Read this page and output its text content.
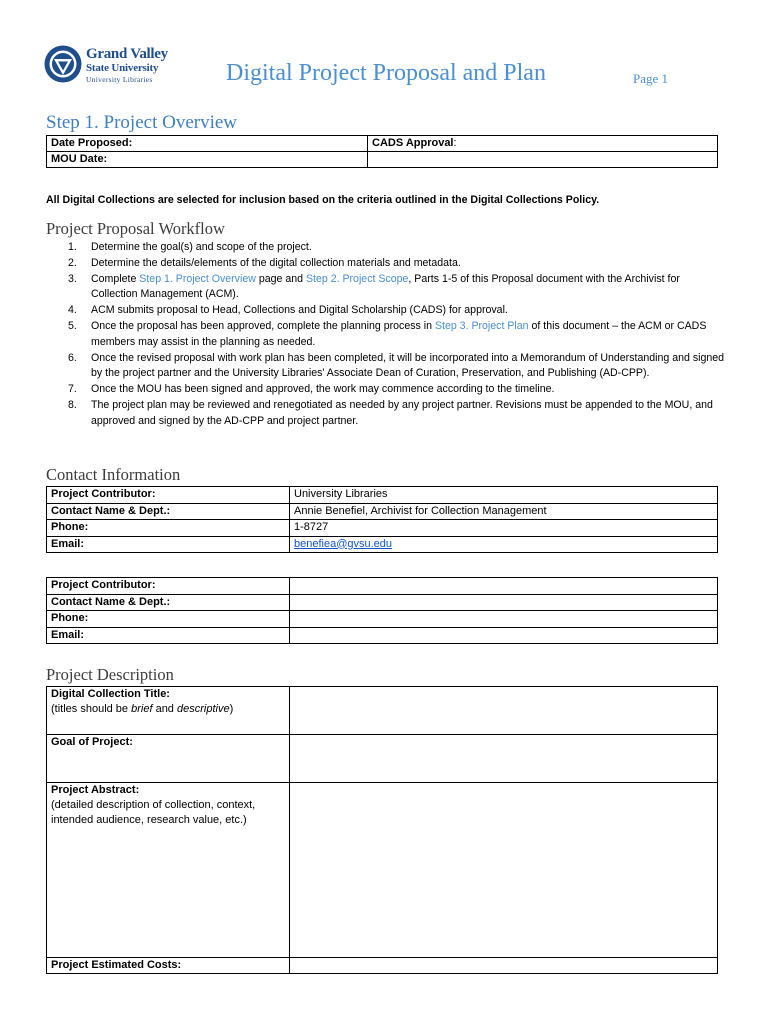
Grand Valley
State University
University Libraries	Digital Project Proposal and Plan	Page 1
Step 1. Project Overview
Date Proposed:	CADS Approval:
MOU Date:	
All Digital Collections are selected for inclusion based on the criteria outlined in the Digital Collections Policy.
Project Proposal Workflow
1. Determine the goal(s) and scope of the project.
2. Determine the details/elements of the digital collection materials and metadata.
3. Complete Step 1. Project Overview page and Step 2. Project Scope, Parts 1-5 of this Proposal document with the Archivist for Collection Management (ACM).
4. ACM submits proposal to Head, Collections and Digital Scholarship (CADS) for approval.
5. Once the proposal has been approved, complete the planning process in Step 3. Project Plan of this document – the ACM or CADS members may assist in the planning as needed.
6. Once the revised proposal with work plan has been completed, it will be incorporated into a Memorandum of Understanding and signed by the project partner and the University Libraries' Associate Dean of Curation, Preservation, and Publishing (AD-CPP).
7. Once the MOU has been signed and approved, the work may commence according to the timeline.
8. The project plan may be reviewed and renegotiated as needed by any project partner. Revisions must be appended to the MOU, and approved and signed by the AD-CPP and project partner.
Contact Information
Project Contributor:	University Libraries
Contact Name & Dept.:	Annie Benefiel, Archivist for Collection Management
Phone:	1-8727
Email:	benefiea@gvsu.edu
Project Contributor:	
Contact Name & Dept.:	
Phone:	
Email:	
Project Description
Digital Collection Title:
(titles should be brief and descriptive)	

Goal of Project:	

Project Abstract:
(detailed description of collection, context, intended audience, research value, etc.)	

Project Estimated Costs:	
